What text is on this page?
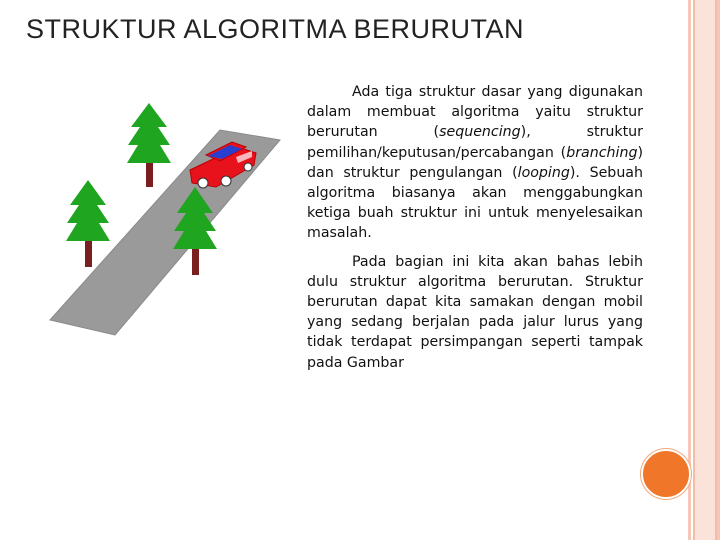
STRUKTUR ALGORITMA BERURUTAN

Ada tiga struktur dasar yang digunakan dalam membuat algoritma yaitu struktur berurutan (sequencing), struktur pemilihan/keputusan/percabangan (branching) dan struktur pengulangan (looping). Sebuah algoritma biasanya akan menggabungkan ketiga buah struktur ini untuk menyelesaikan masalah.

Pada bagian ini kita akan bahas lebih dulu struktur algoritma berurutan. Struktur berurutan dapat kita samakan dengan mobil yang sedang berjalan pada jalur lurus yang tidak terdapat persimpangan seperti tampak pada Gambar
